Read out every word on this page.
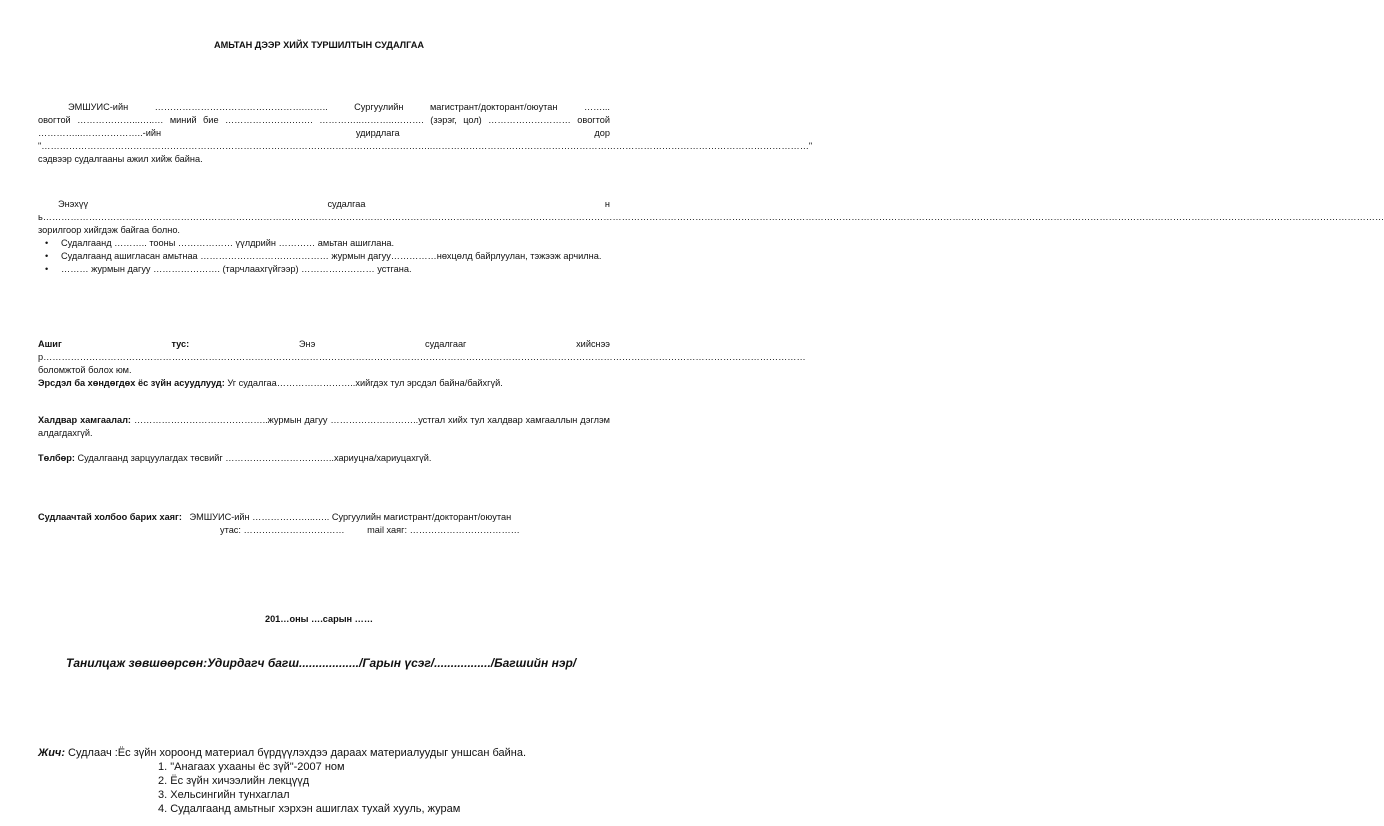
АМЬТАН ДЭЭР ХИЙХ ТУРШИЛТЫН СУДАЛГАА
ЭМШУИС-ийн	………………………………………….……..	Сургуулийн	магистрант/докторант/оюутан	……...
овогтой ………………...…..… миний бие ………………….……. …………..………..………. (зэрэг, цол) ……………………… овогтой …………...………………..-ийн удирдлага дор "………………………………………………………………………………………………………………..……………………………………………………………………………………………………………" сэдвээр судалгааны ажил хийж байна.
Энэхүү судалгаа нь…………………………………………………………………………………………………………………………………………………………………………………………………………………………………………………………………………………………………………………………………………………………………………………………………… зорилгоор хийгдэж байгаа болно.
• Судалгаанд ……….. тооны ……………… үүлдрийн ………… амьтан ашиглана.
• Судалгаанд ашигласан амьтнаа …………………………………… журмын дагуу……………нөхцөлд байрлуулан, тэжээж арчилна.
• ……… журмын дагуу …………………. (тарчлаахгүйгээр) …………………… устгана.
Ашиг тус: Энэ судалгааг хийснээр…………………………………………………………………………………………………………………………………………………………………………………………………………………………… боломжтой болох юм.
Эрсдэл ба хөндөгдөх ёс зүйн асуудлууд: Уг судалгаа……………………..хийгдэх тул эрсдэл байна/байхгүй.
Халдвар хамгаалал: ……………………………………..журмын дагуу ………………………..устгал хийх тул халдвар хамгааллын дэглэм алдагдахгүй.
Төлбөр: Судалгаанд зарцуулагдах төсвийг ………………………….…..хариуцна/хариуцахгүй.
Судлаачтай холбоо барих хаяг: ЭМШУИС-ийн ………………...….. Сургуулийн магистрант/докторант/оюутан
утас: …………………………… mail хаяг: ………………………………
201…оны ….сарын ……
Танилцаж зөвшөөрсөн:Удирдагч багш................../Гарын үсэг/................./Багшийн нэр/
Жич: Судлаач :Ёс зүйн хороонд материал бүрдүүлэхдээ дараах материалуудыг уншсан байна.
1. "Анагаах ухааны ёс зүй"-2007 ном
2. Ёс зүйн хичээлийн лекцүүд
3. Хельсингийн тунхаглал
4. Судалгаанд амьтныг хэрхэн ашиглах тухай хууль, журам
